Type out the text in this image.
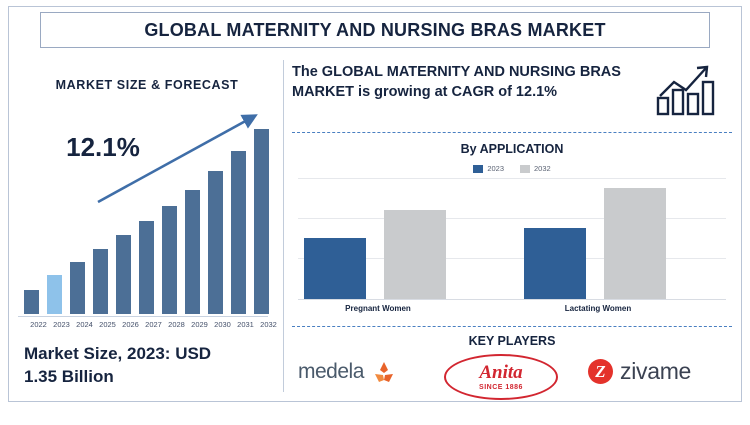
GLOBAL MATERNITY AND NURSING BRAS MARKET
MARKET SIZE & FORECAST
12.1%
2022 2023 2024 2025 2026 2027 2028 2029 2030 2031 2032
Market Size, 2023: USD
1.35 Billion
The GLOBAL MATERNITY AND NURSING BRAS MARKET is growing at CAGR of 12.1%
By APPLICATION
2023	2032
Pregnant Women	Lactating Women
KEY PLAYERS
medela	Anita
SINCE 1886
Z zivame
